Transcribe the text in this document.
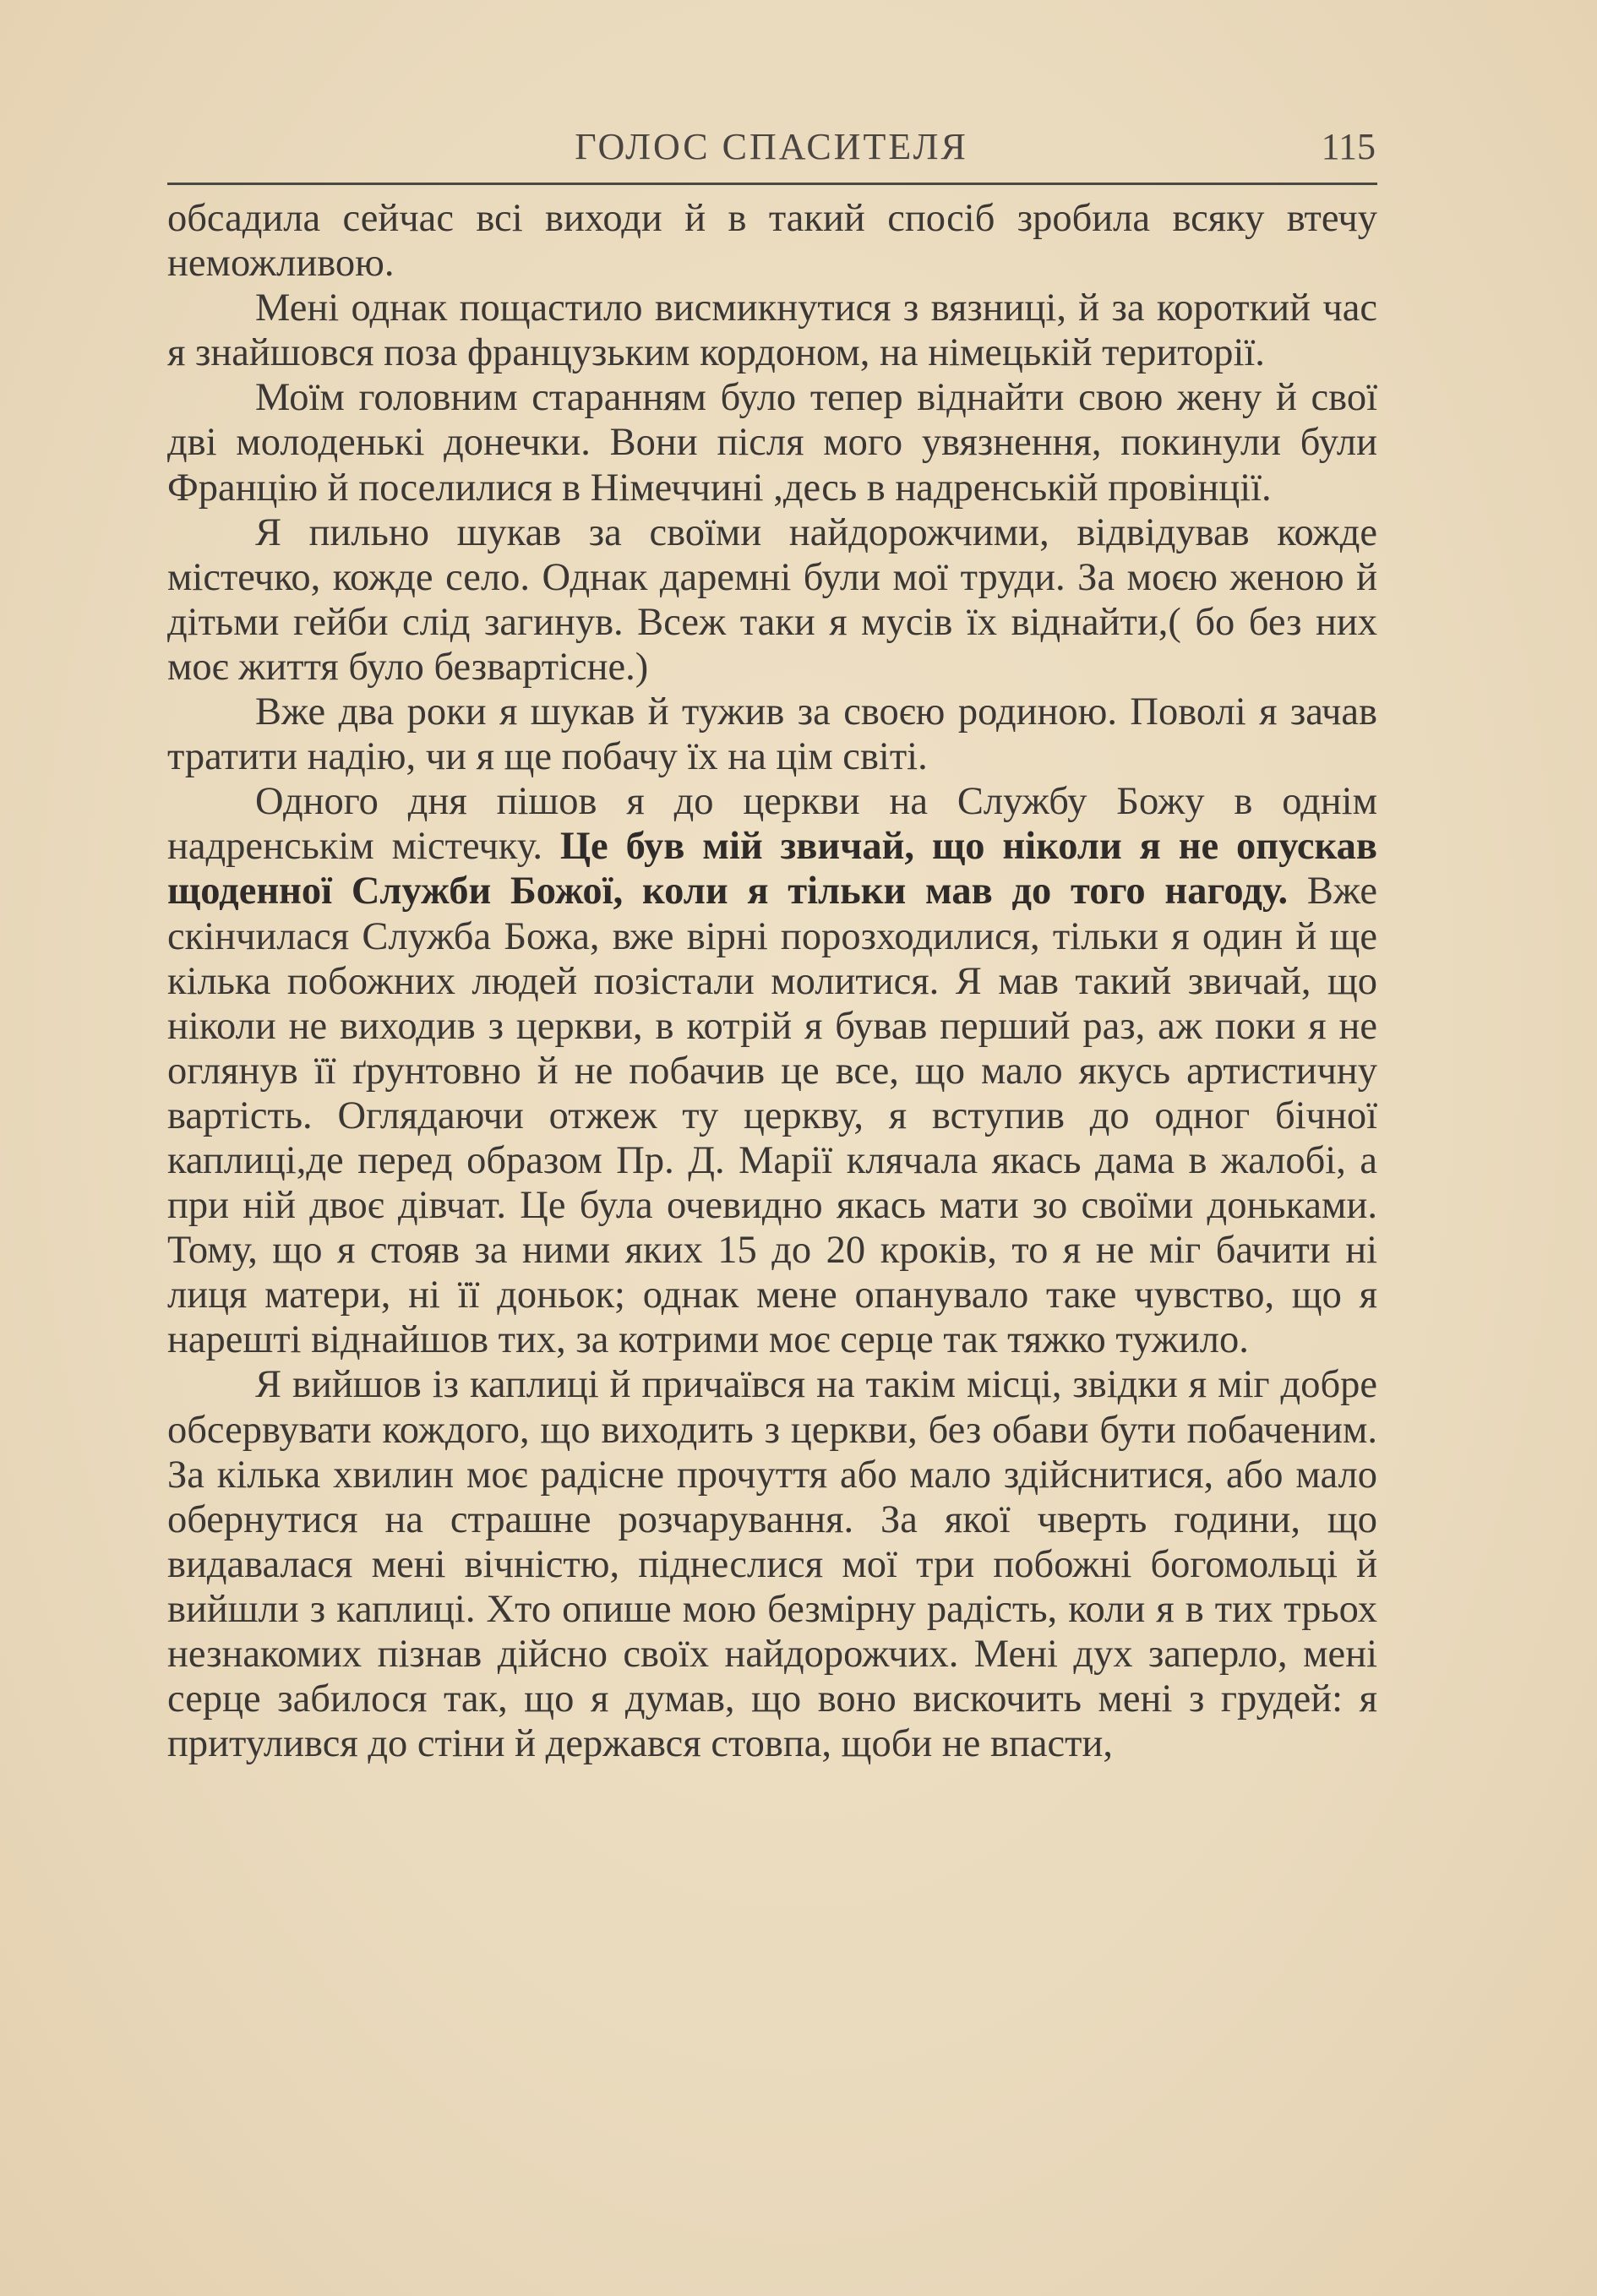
ГОЛОС СПАСИТЕЛЯ	115

обсадила сейчас всі виходи й в такий спосіб зробила всяку втечу неможливою.

Мені однак пощастило висмикнутися з вязниці, й за короткий час я знайшовся поза французьким кордоном, на німецькій території.

Моїм головним старанням було тепер віднайти свою жену й свої дві молоденькі донечки. Вони після мого увязнення, покинули були Францію й поселилися в Німеччині ,десь в надренській провінції.

Я пильно шукав за своїми найдорожчими, відвідував кожде містечко, кожде село. Однак даремні були мої труди. За моєю женою й дітьми гейби слід загинув. Всеж таки я мусів їх віднайти,( бо без них моє життя було безвартісне.)

Вже два роки я шукав й тужив за своєю родиною. Поволі я зачав тратити надію, чи я ще побачу їх на цім світі.

Одного дня пішов я до церкви на Службу Божу в однім надренськім містечку. Це був мій звичай, що ніколи я не опускав щоденної Служби Божої, коли я тільки мав до того нагоду. Вже скінчилася Служба Божа, вже вірні порозходилися, тільки я один й ще кілька побожних людей позістали молитися. Я мав такий звичай, що ніколи не виходив з церкви, в котрій я бував перший раз, аж поки я не оглянув її ґрунтовно й не побачив це все, що мало якусь артистичну вартість. Оглядаючи отжеж ту церкву, я вступив до одног бічної каплиці,де перед образом Пр. Д. Марії клячала якась дама в жалобі, а при ній двоє дівчат. Це була очевидно якась мати зо своїми доньками. Тому, що я стояв за ними яких 15 до 20 кроків, то я не міг бачити ні лиця матери, ні її доньок; однак мене опанувало таке чувство, що я нарешті віднайшов тих, за котрими моє серце так тяжко тужило.

Я вийшов із каплиці й причаївся на такім місці, звідки я міг добре обсервувати кождого, що виходить з церкви, без обави бути побаченим. За кілька хвилин моє радісне прочуття або мало здійснитися, або мало обернутися на страшне розчарування. За якої чверть години, що видавалася мені вічністю, піднеслися мої три побожні богомольці й вийшли з каплиці. Хто опише мою безмірну радість, коли я в тих трьох незнакомих пізнав дійсно своїх найдорожчих. Мені дух заперло, мені серце забилося так, що я думав, що воно вискочить мені з грудей: я притулився до стіни й держався стовпа, щоби не впасти,
